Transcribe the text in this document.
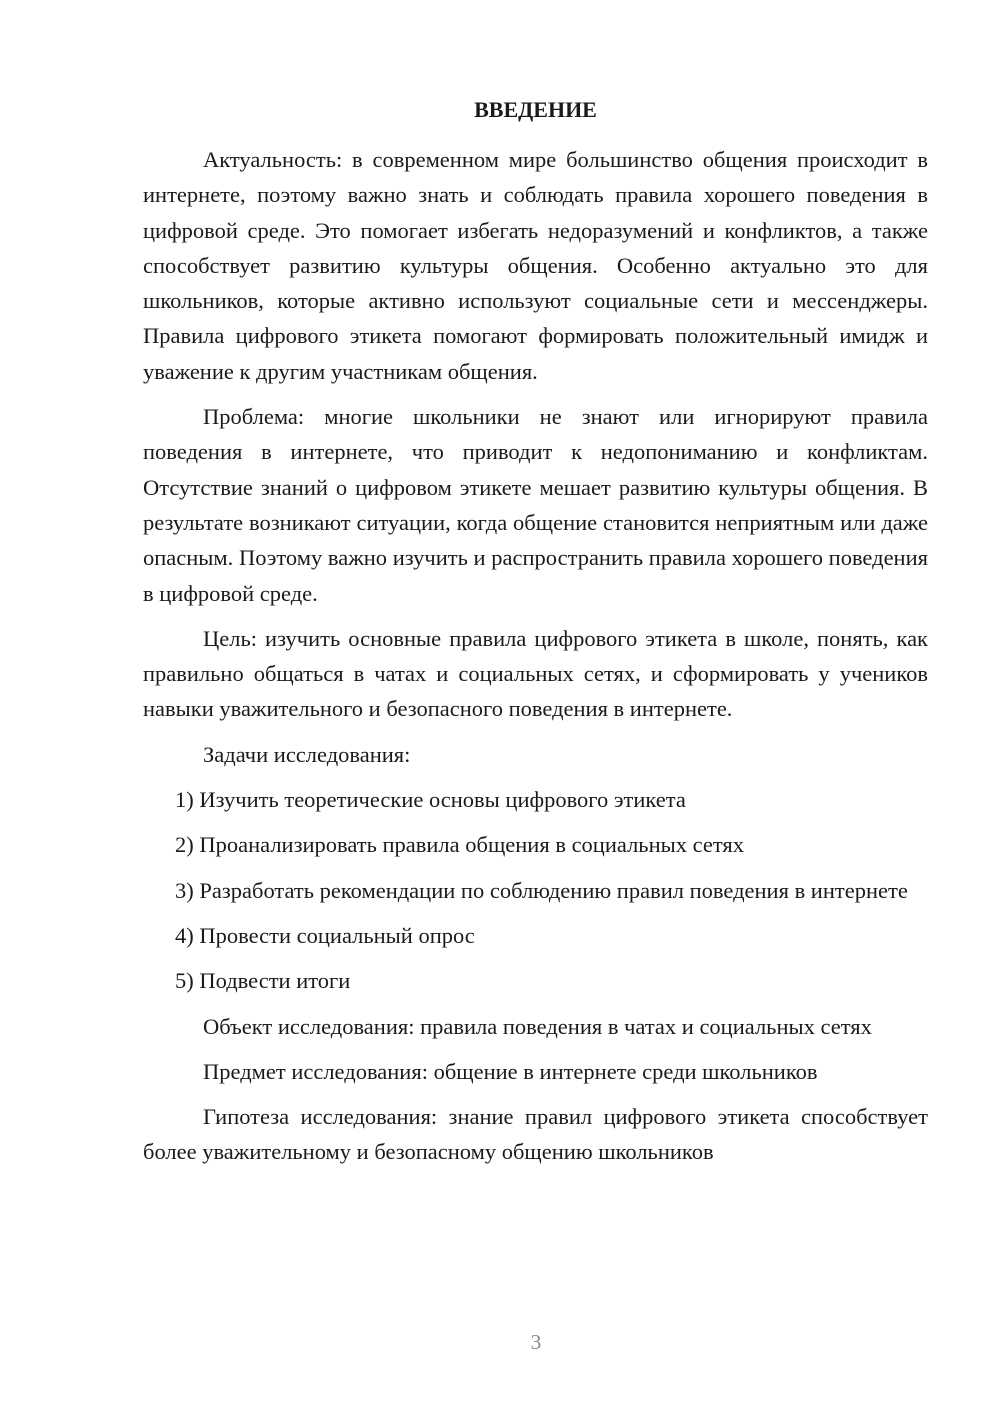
ВВЕДЕНИЕ

Актуальность: в современном мире большинство общения происходит в интернете, поэтому важно знать и соблюдать правила хорошего поведения в цифровой среде. Это помогает избегать недоразумений и конфликтов, а также способствует развитию культуры общения. Особенно актуально это для школьников, которые активно используют социальные сети и мессенджеры. Правила цифрового этикета помогают формировать положительный имидж и уважение к другим участникам общения.

Проблема: многие школьники не знают или игнорируют правила поведения в интернете, что приводит к недопониманию и конфликтам. Отсутствие знаний о цифровом этикете мешает развитию культуры общения. В результате возникают ситуации, когда общение становится неприятным или даже опасным. Поэтому важно изучить и распространить правила хорошего поведения в цифровой среде.

Цель: изучить основные правила цифрового этикета в школе, понять, как правильно общаться в чатах и социальных сетях, и сформировать у учеников навыки уважительного и безопасного поведения в интернете.

Задачи исследования:

1) Изучить теоретические основы цифрового этикета

2) Проанализировать правила общения в социальных сетях

3) Разработать рекомендации по соблюдению правил поведения в интернете

4) Провести социальный опрос

5) Подвести итоги

Объект исследования: правила поведения в чатах и социальных сетях

Предмет исследования: общение в интернете среди школьников

Гипотеза исследования: знание правил цифрового этикета способствует более уважительному и безопасному общению школьников

3
